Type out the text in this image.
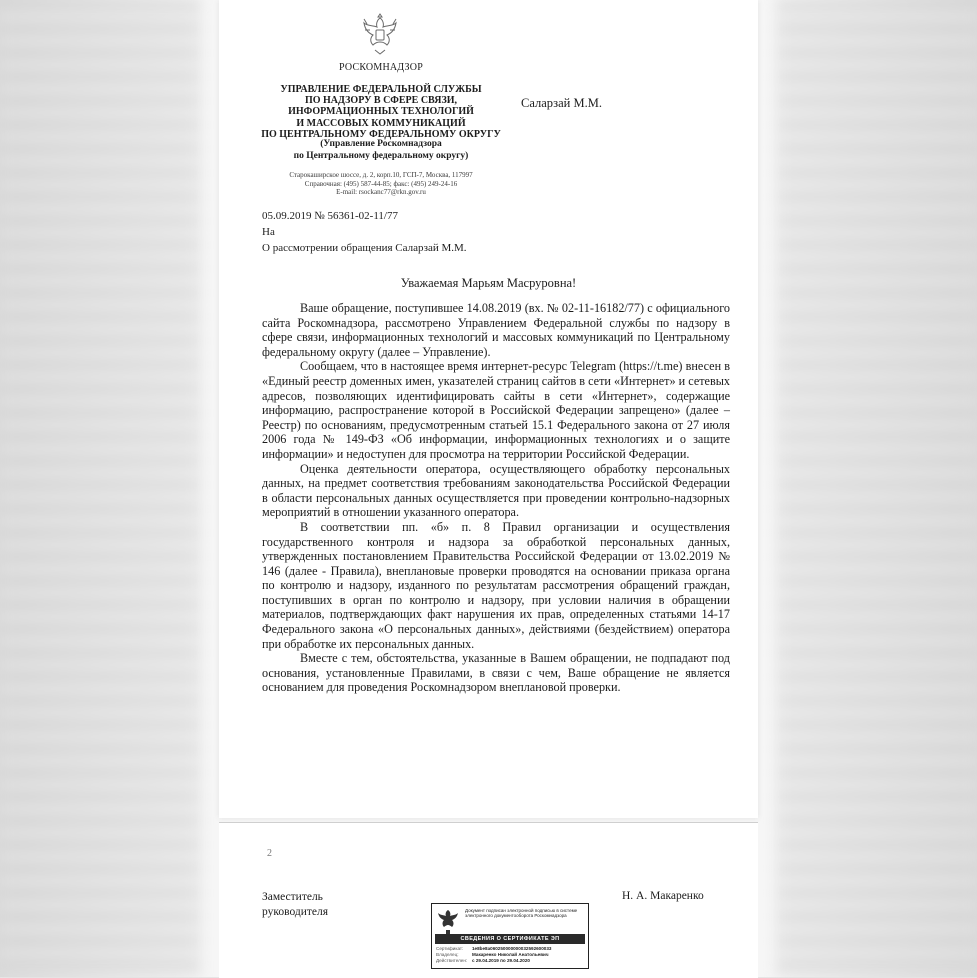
РОСКОМНАДЗОР
УПРАВЛЕНИЕ ФЕДЕРАЛЬНОЙ СЛУЖБЫ
ПО НАДЗОРУ В СФЕРЕ СВЯЗИ,
ИНФОРМАЦИОННЫХ ТЕХНОЛОГИЙ
И МАССОВЫХ КОММУНИКАЦИЙ
ПО ЦЕНТРАЛЬНОМУ ФЕДЕРАЛЬНОМУ ОКРУГУ
(Управление Роскомнадзора
по Центральному федеральному округу)
Старокаширское шоссе, д. 2, корп.10, ГСП-7, Москва, 117997
Справочная: (495) 587-44-85; факс: (495) 249-24-16
E-mail: rsockanc77@rkn.gov.ru
Саларзай М.М.
05.09.2019 № 56361-02-11/77
На
О рассмотрении обращения Саларзай М.М.
Уважаемая Марьям Масруровна!

Ваше обращение, поступившее 14.08.2019 (вх. № 02-11-16182/77) с официального сайта Роскомнадзора, рассмотрено Управлением Федеральной службы по надзору в сфере связи, информационных технологий и массовых коммуникаций по Центральному федеральному округу (далее – Управление).

Сообщаем, что в настоящее время интернет-ресурс Telegram (https://t.me) внесен в «Единый реестр доменных имен, указателей страниц сайтов в сети «Интернет» и сетевых адресов, позволяющих идентифицировать сайты в сети «Интернет», содержащие информацию, распространение которой в Российской Федерации запрещено» (далее – Реестр) по основаниям, предусмотренным статьей 15.1 Федерального закона от 27 июля 2006 года № 149-ФЗ «Об информации, информационных технологиях и о защите информации» и недоступен для просмотра на территории Российской Федерации.

Оценка деятельности оператора, осуществляющего обработку персональных данных, на предмет соответствия требованиям законодательства Российской Федерации в области персональных данных осуществляется при проведении контрольно-надзорных мероприятий в отношении указанного оператора.

В соответствии пп. «б» п. 8 Правил организации и осуществления государственного контроля и надзора за обработкой персональных данных, утвержденных постановлением Правительства Российской Федерации от 13.02.2019 № 146 (далее - Правила), внеплановые проверки проводятся на основании приказа органа по контролю и надзору, изданного по результатам рассмотрения обращений граждан, поступивших в орган по контролю и надзору, при условии наличия в обращении материалов, подтверждающих факт нарушения их прав, определенных статьями 14-17 Федерального закона «О персональных данных», действиями (бездействием) оператора при обработке их персональных данных.

Вместе с тем, обстоятельства, указанные в Вашем обращении, не подпадают под основания, установленные Правилами, в связи с чем, Ваше обращение не является основанием для проведения Роскомнадзором внеплановой проверки.

2
Заместитель
руководителя
Н. А. Макаренко
Документ подписан электронной подписью в системе электронного документооборота Роскомнадзора
СВЕДЕНИЯ О СЕРТИФИКАТЕ ЭП
Сертификат:	1e8be8a060250000000032592600033
Владелец:	Макаренко Николай Анатольевич
Действителен:	с 29.04.2019 по 29.04.2020
